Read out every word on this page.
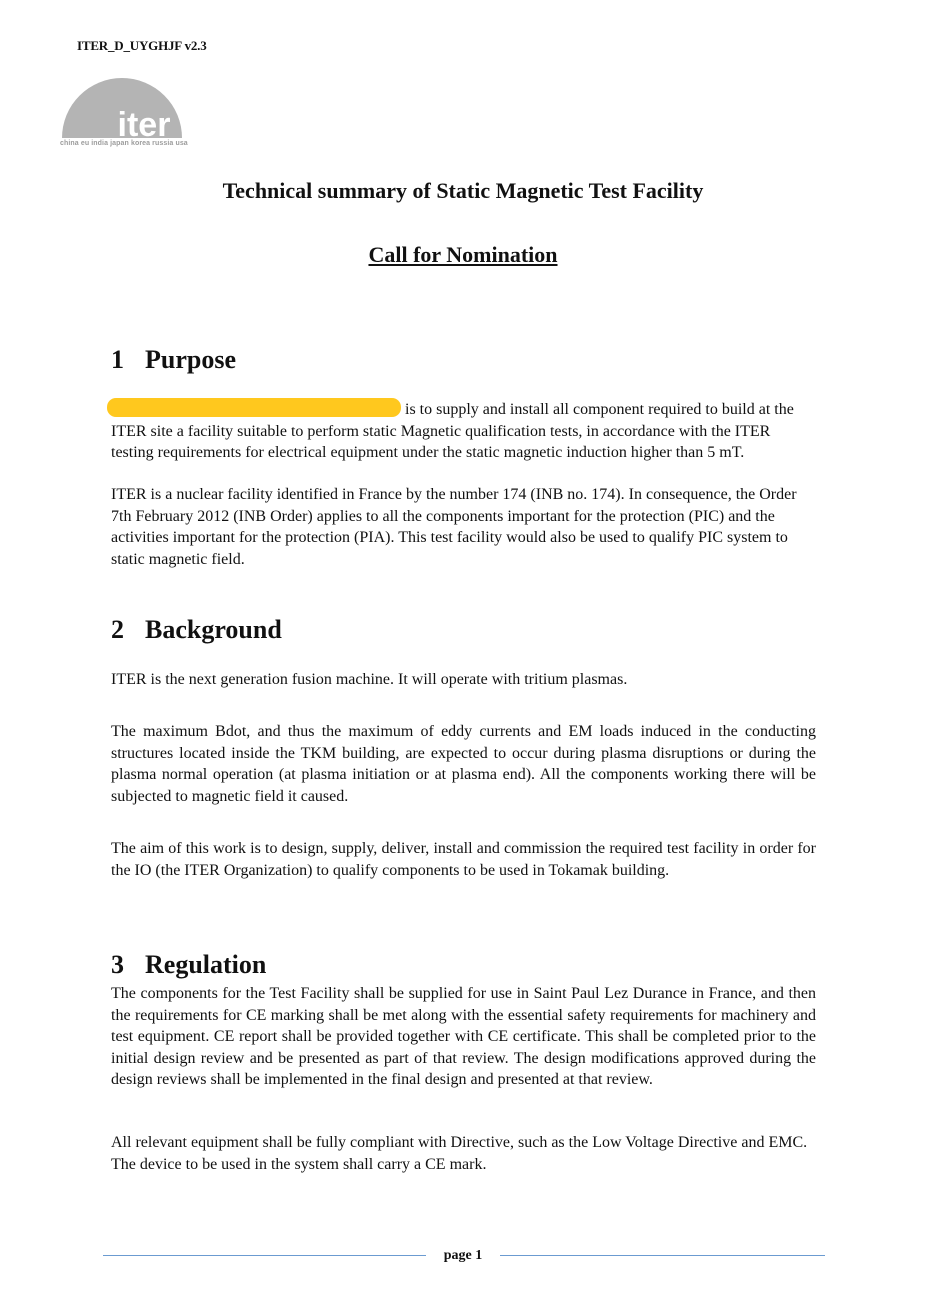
ITER_D_UYGHJF v2.3
iter
china eu india japan korea russia usa
Technical summary of Static Magnetic Test Facility
Call for Nomination
1 Purpose
is to supply and install all component required to build at the ITER site a facility suitable to perform static Magnetic qualification tests, in accordance with the ITER testing requirements for electrical equipment under the static magnetic induction higher than 5 mT.
ITER is a nuclear facility identified in France by the number 174 (INB no. 174). In consequence, the Order 7th February 2012 (INB Order) applies to all the components important for the protection (PIC) and the activities important for the protection (PIA). This test facility would also be used to qualify PIC system to static magnetic field.
2 Background
ITER is the next generation fusion machine. It will operate with tritium plasmas.
The maximum Bdot, and thus the maximum of eddy currents and EM loads induced in the conducting structures located inside the TKM building, are expected to occur during plasma disruptions or during the plasma normal operation (at plasma initiation or at plasma end). All the components working there will be subjected to magnetic field it caused.
The aim of this work is to design, supply, deliver, install and commission the required test facility in order for the IO (the ITER Organization) to qualify components to be used in Tokamak building.
3 Regulation
The components for the Test Facility shall be supplied for use in Saint Paul Lez Durance in France, and then the requirements for CE marking shall be met along with the essential safety requirements for machinery and test equipment. CE report shall be provided together with CE certificate. This shall be completed prior to the initial design review and be presented as part of that review. The design modifications approved during the design reviews shall be implemented in the final design and presented at that review.
All relevant equipment shall be fully compliant with Directive, such as the Low Voltage Directive and EMC. The device to be used in the system shall carry a CE mark.
page 1
